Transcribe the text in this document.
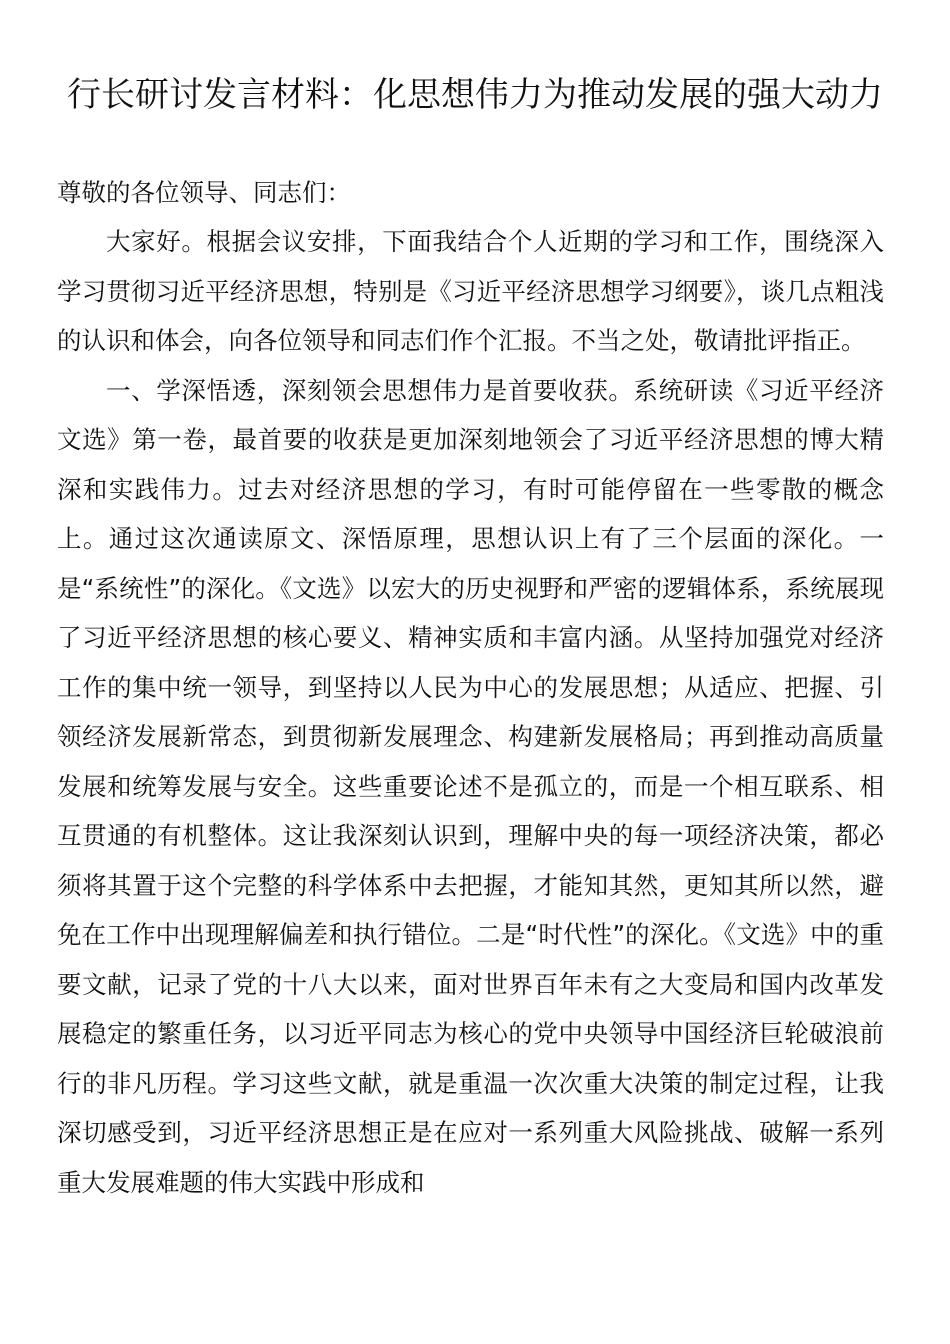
行长研讨发言材料：化思想伟力为推动发展的强大动力

尊敬的各位领导、同志们：

大家好。根据会议安排，下面我结合个人近期的学习和工作，围绕深入学习贯彻习近平经济思想，特别是《习近平经济思想学习纲要》，谈几点粗浅的认识和体会，向各位领导和同志们作个汇报。不当之处，敬请批评指正。

一、学深悟透，深刻领会思想伟力是首要收获。系统研读《习近平经济文选》第一卷，最首要的收获是更加深刻地领会了习近平经济思想的博大精深和实践伟力。过去对经济思想的学习，有时可能停留在一些零散的概念上。通过这次通读原文、深悟原理，思想认识上有了三个层面的深化。一是“系统性”的深化。《文选》以宏大的历史视野和严密的逻辑体系，系统展现了习近平经济思想的核心要义、精神实质和丰富内涵。从坚持加强党对经济工作的集中统一领导，到坚持以人民为中心的发展思想；从适应、把握、引领经济发展新常态，到贯彻新发展理念、构建新发展格局；再到推动高质量发展和统筹发展与安全。这些重要论述不是孤立的，而是一个相互联系、相互贯通的有机整体。这让我深刻认识到，理解中央的每一项经济决策，都必须将其置于这个完整的科学体系中去把握，才能知其然，更知其所以然，避免在工作中出现理解偏差和执行错位。二是“时代性”的深化。《文选》中的重要文献，记录了党的十八大以来，面对世界百年未有之大变局和国内改革发展稳定的繁重任务，以习近平同志为核心的党中央领导中国经济巨轮破浪前行的非凡历程。学习这些文献，就是重温一次次重大决策的制定过程，让我深切感受到，习近平经济思想正是在应对一系列重大风险挑战、破解一系列重大发展难题的伟大实践中形成和
